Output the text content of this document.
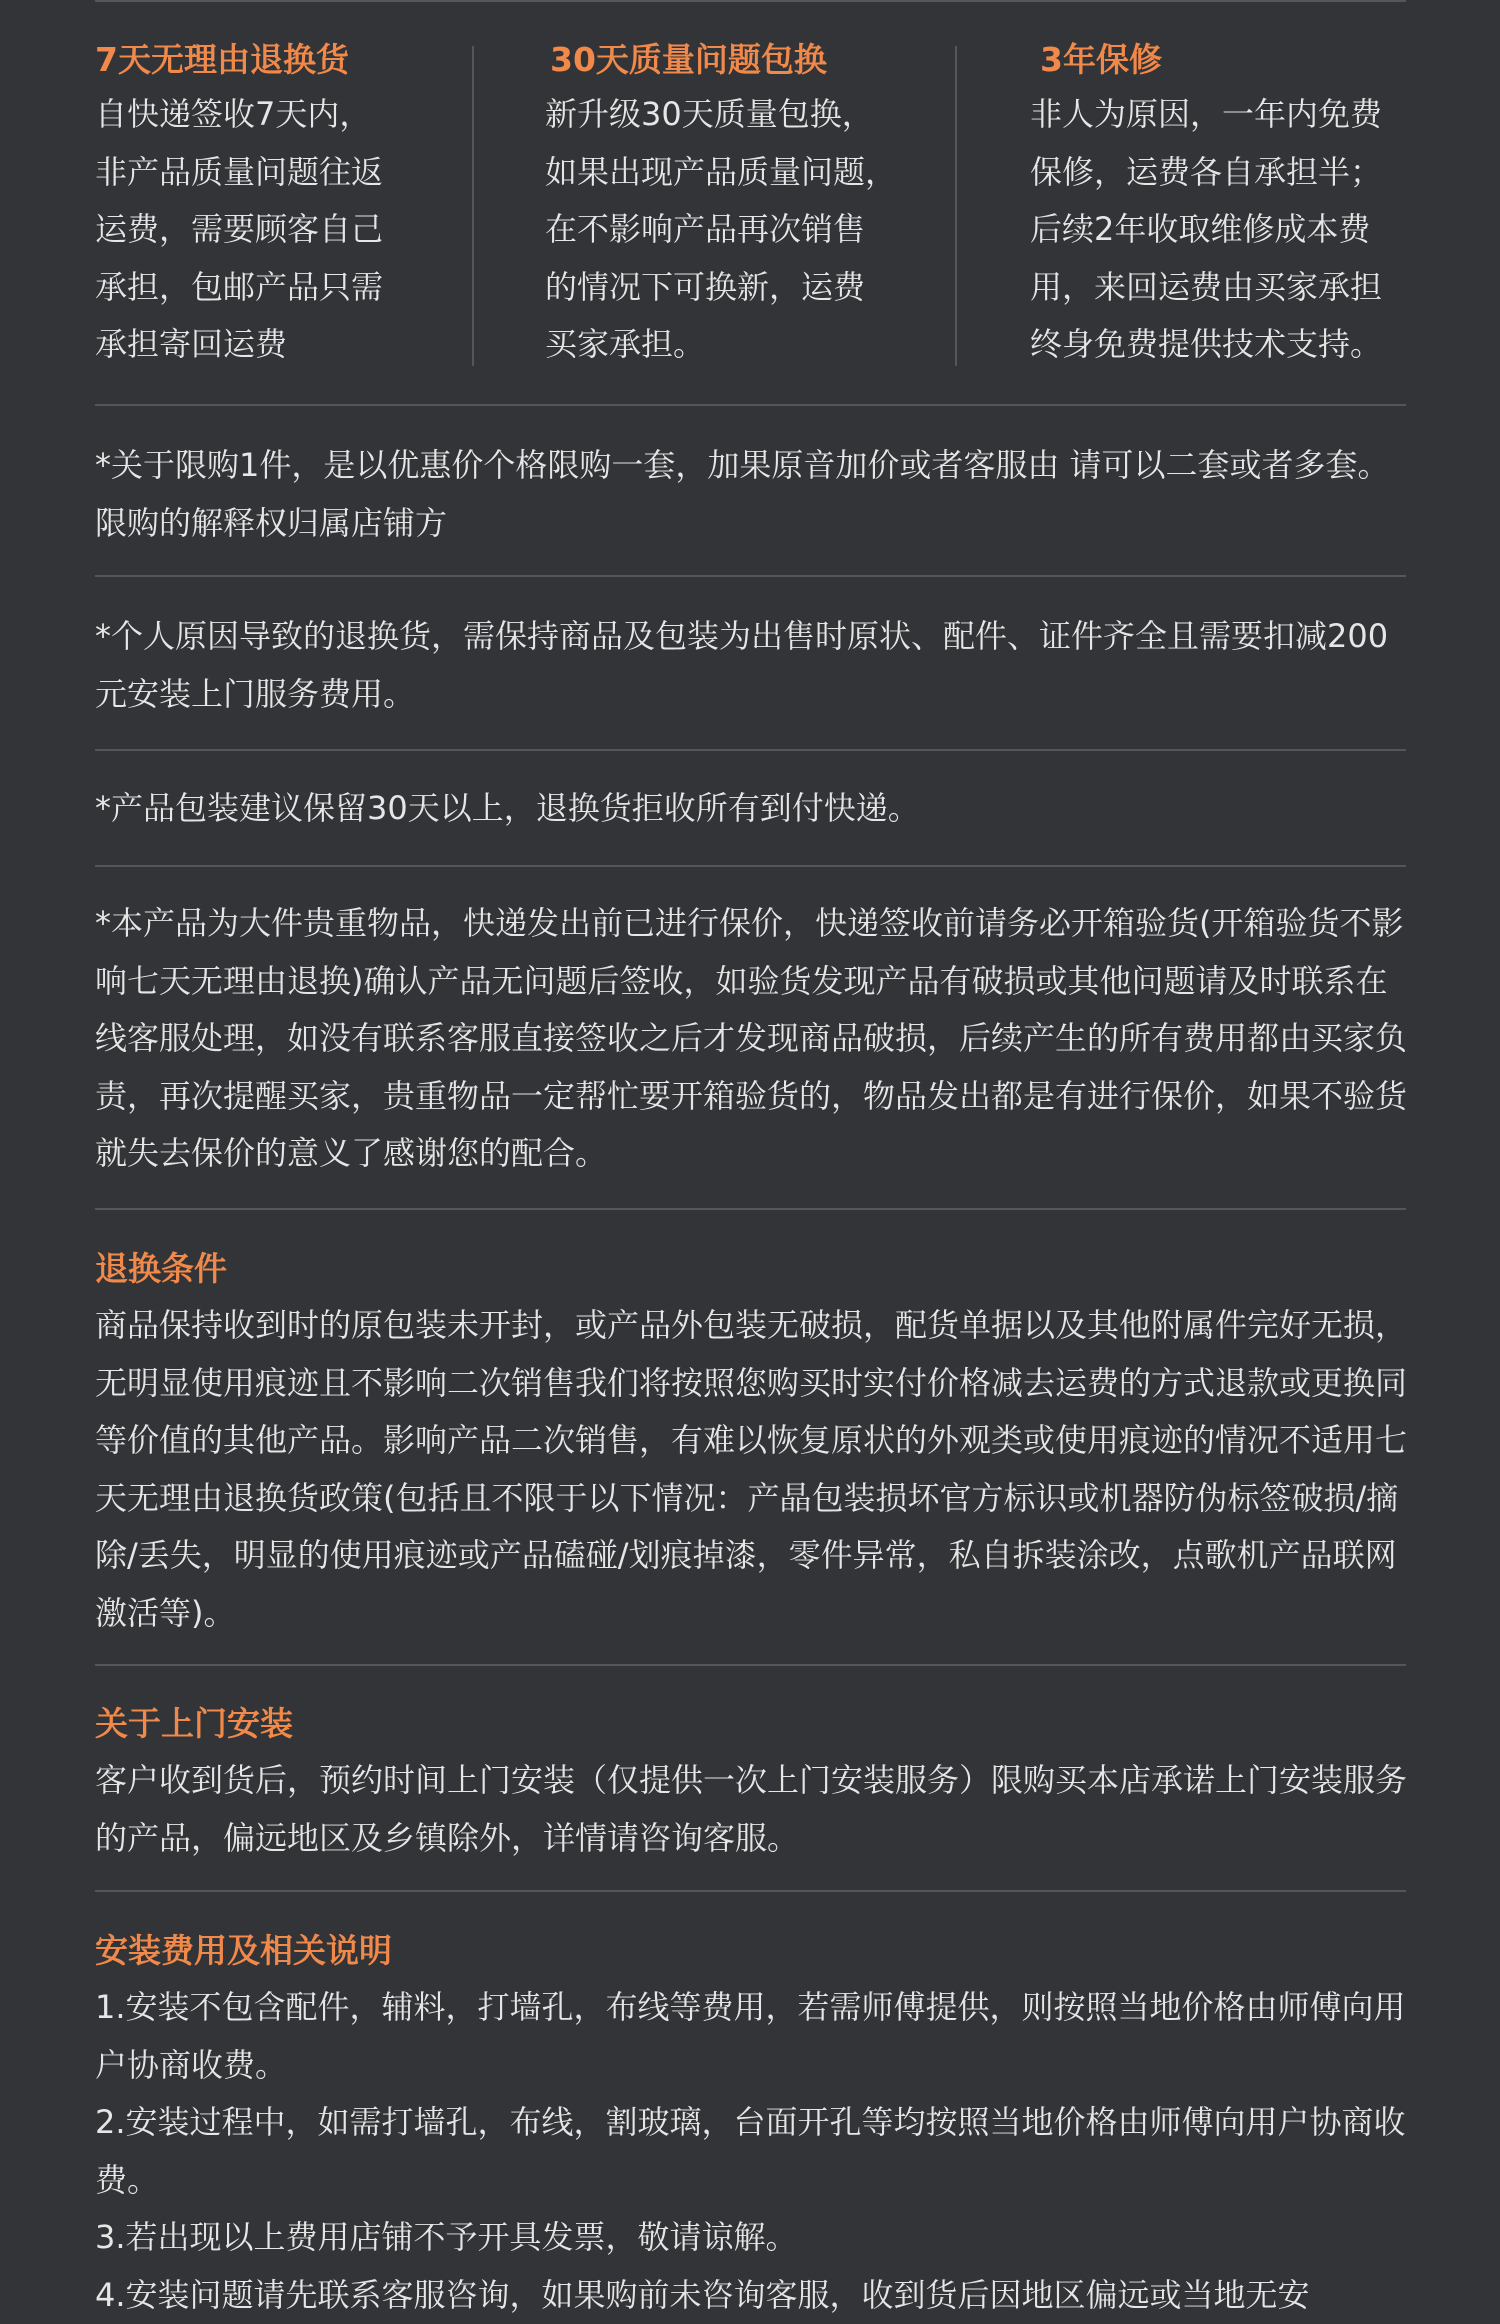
7天无理由退换货
自快递签收7天内，
非产品质量问题往返
运费，需要顾客自己
承担，包邮产品只需
承担寄回运费
30天质量问题包换
新升级30天质量包换，
如果出现产品质量问题，
在不影响产品再次销售
的情况下可换新，运费
买家承担。
3年保修
非人为原因，一年内免费
保修，运费各自承担半；
后续2年收取维修成本费
用，来回运费由买家承担
终身免费提供技术支持。
*关于限购1件，是以优惠价个格限购一套，加果原音加价或者客服由 请可以二套或者多套。限购的解释权归属店铺方
*个人原因导致的退换货，需保持商品及包装为出售时原状、配件、证件齐全且需要扣减200元安装上门服务费用。
*产品包装建议保留30天以上，退换货拒收所有到付快递。
*本产品为大件贵重物品，快递发出前已进行保价，快递签收前请务必开箱验货(开箱验货不影响七天无理由退换)确认产品无问题后签收，如验货发现产品有破损或其他问题请及时联系在线客服处理，如没有联系客服直接签收之后才发现商品破损，后续产生的所有费用都由买家负责，再次提醒买家，贵重物品一定帮忙要开箱验货的，物品发出都是有进行保价，如果不验货就失去保价的意义了感谢您的配合。
退换条件
商品保持收到时的原包装未开封，或产品外包装无破损，配货单据以及其他附属件完好无损，无明显使用痕迹且不影响二次销售我们将按照您购买时实付价格减去运费的方式退款或更换同等价值的其他产品。影响产品二次销售，有难以恢复原状的外观类或使用痕迹的情况不适用七天无理由退换货政策(包括且不限于以下情况：产晶包装损坏官方标识或机器防伪标签破损/摘除/丢失，明显的使用痕迹或产品磕碰/划痕掉漆，零件异常，私自拆装涂改，点歌机产品联网激活等)。
关于上门安装
客户收到货后，预约时间上门安装（仅提供一次上门安装服务）限购买本店承诺上门安装服务的产品，偏远地区及乡镇除外，详情请咨询客服。
安装费用及相关说明

1.安装不包含配件，辅料，打墙孔，布线等费用，若需师傅提供，则按照当地价格由师傅向用户协商收费。

2.安装过程中，如需打墙孔，布线，割玻璃，台面开孔等均按照当地价格由师傅向用户协商收费。

3.若出现以上费用店铺不予开具发票，敬请谅解。

4.安装问题请先联系客服咨询，如果购前未咨询客服，收到货后因地区偏远或当地无安
